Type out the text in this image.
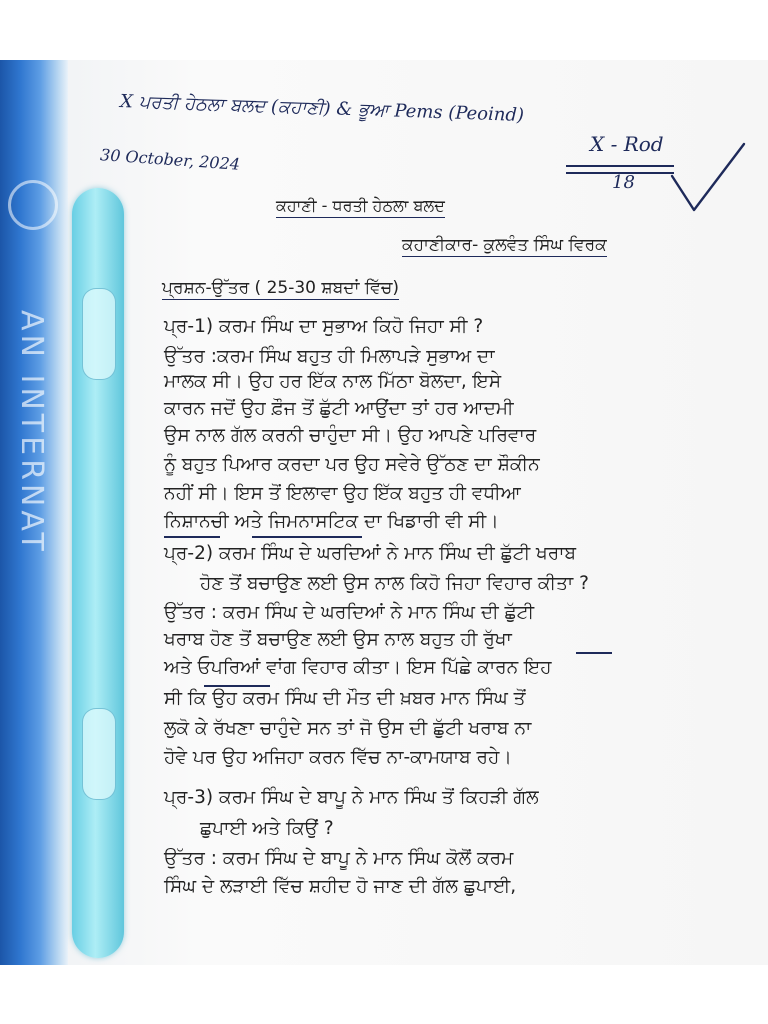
AN INTERNAT
X ਪਰਤੀ ਹੇਠਲਾ ਬਲਦ (ਕਹਾਣੀ) & ਭੂਆ Pems (Peoind)
30 October, 2024
X - Rod
18
ਕਹਾਣੀ - ਧਰਤੀ ਹੇਠਲਾ ਬਲਦ
ਕਹਾਣੀਕਾਰ- ਕੁਲਵੰਤ ਸਿੰਘ ਵਿਰਕ
ਪ੍ਰਸ਼ਨ-ਉੱਤਰ ( 25-30 ਸ਼ਬਦਾਂ ਵਿੱਚ)
ਪ੍ਰ-1) ਕਰਮ ਸਿੰਘ ਦਾ ਸੁਭਾਅ ਕਿਹੋ ਜਿਹਾ ਸੀ ?
ਉੱਤਰ :ਕਰਮ ਸਿੰਘ ਬਹੁਤ ਹੀ ਮਿਲਾਪੜੇ ਸੁਭਾਅ ਦਾ
ਮਾਲਕ ਸੀ। ਉਹ ਹਰ ਇੱਕ ਨਾਲ ਮਿੱਠਾ ਬੋਲਦਾ, ਇਸੇ
ਕਾਰਨ ਜਦੋਂ ਉਹ ਫ਼ੌਜ ਤੋਂ ਛੁੱਟੀ ਆਉਂਦਾ ਤਾਂ ਹਰ ਆਦਮੀ
ਉਸ ਨਾਲ ਗੱਲ ਕਰਨੀ ਚਾਹੁੰਦਾ ਸੀ। ਉਹ ਆਪਣੇ ਪਰਿਵਾਰ
ਨੂੰ ਬਹੁਤ ਪਿਆਰ ਕਰਦਾ ਪਰ ਉਹ ਸਵੇਰੇ ਉੱਠਣ ਦਾ ਸ਼ੌਕੀਨ
ਨਹੀਂ ਸੀ। ਇਸ ਤੋਂ ਇਲਾਵਾ ਉਹ ਇੱਕ ਬਹੁਤ ਹੀ ਵਧੀਆ
ਨਿਸ਼ਾਨਚੀ ਅਤੇ ਜਿਮਨਾਸਟਿਕ ਦਾ ਖਿਡਾਰੀ ਵੀ ਸੀ।
ਪ੍ਰ-2) ਕਰਮ ਸਿੰਘ ਦੇ ਘਰਦਿਆਂ ਨੇ ਮਾਨ ਸਿੰਘ ਦੀ ਛੁੱਟੀ ਖਰਾਬ
ਹੋਣ ਤੋਂ ਬਚਾਉਣ ਲਈ ਉਸ ਨਾਲ ਕਿਹੋ ਜਿਹਾ ਵਿਹਾਰ ਕੀਤਾ ?
ਉੱਤਰ : ਕਰਮ ਸਿੰਘ ਦੇ ਘਰਦਿਆਂ ਨੇ ਮਾਨ ਸਿੰਘ ਦੀ ਛੁੱਟੀ
ਖਰਾਬ ਹੋਣ ਤੋਂ ਬਚਾਉਣ ਲਈ ਉਸ ਨਾਲ ਬਹੁਤ ਹੀ ਰੁੱਖਾ
ਅਤੇ ਓਪਰਿਆਂ ਵਾਂਗ ਵਿਹਾਰ ਕੀਤਾ। ਇਸ ਪਿੱਛੇ ਕਾਰਨ ਇਹ
ਸੀ ਕਿ ਉਹ ਕਰਮ ਸਿੰਘ ਦੀ ਮੌਤ ਦੀ ਖ਼ਬਰ ਮਾਨ ਸਿੰਘ ਤੋਂ
ਲੁਕੋ ਕੇ ਰੱਖਣਾ ਚਾਹੁੰਦੇ ਸਨ ਤਾਂ ਜੋ ਉਸ ਦੀ ਛੁੱਟੀ ਖਰਾਬ ਨਾ
ਹੋਵੇ ਪਰ ਉਹ ਅਜਿਹਾ ਕਰਨ ਵਿੱਚ ਨਾ-ਕਾਮਯਾਬ ਰਹੇ।
ਪ੍ਰ-3) ਕਰਮ ਸਿੰਘ ਦੇ ਬਾਪੂ ਨੇ ਮਾਨ ਸਿੰਘ ਤੋਂ ਕਿਹੜੀ ਗੱਲ
ਛੁਪਾਈ ਅਤੇ ਕਿਉਂ ?
ਉੱਤਰ : ਕਰਮ ਸਿੰਘ ਦੇ ਬਾਪੂ ਨੇ ਮਾਨ ਸਿੰਘ ਕੋਲੋਂ ਕਰਮ
ਸਿੰਘ ਦੇ ਲੜਾਈ ਵਿੱਚ ਸ਼ਹੀਦ ਹੋ ਜਾਣ ਦੀ ਗੱਲ ਛੁਪਾਈ,
